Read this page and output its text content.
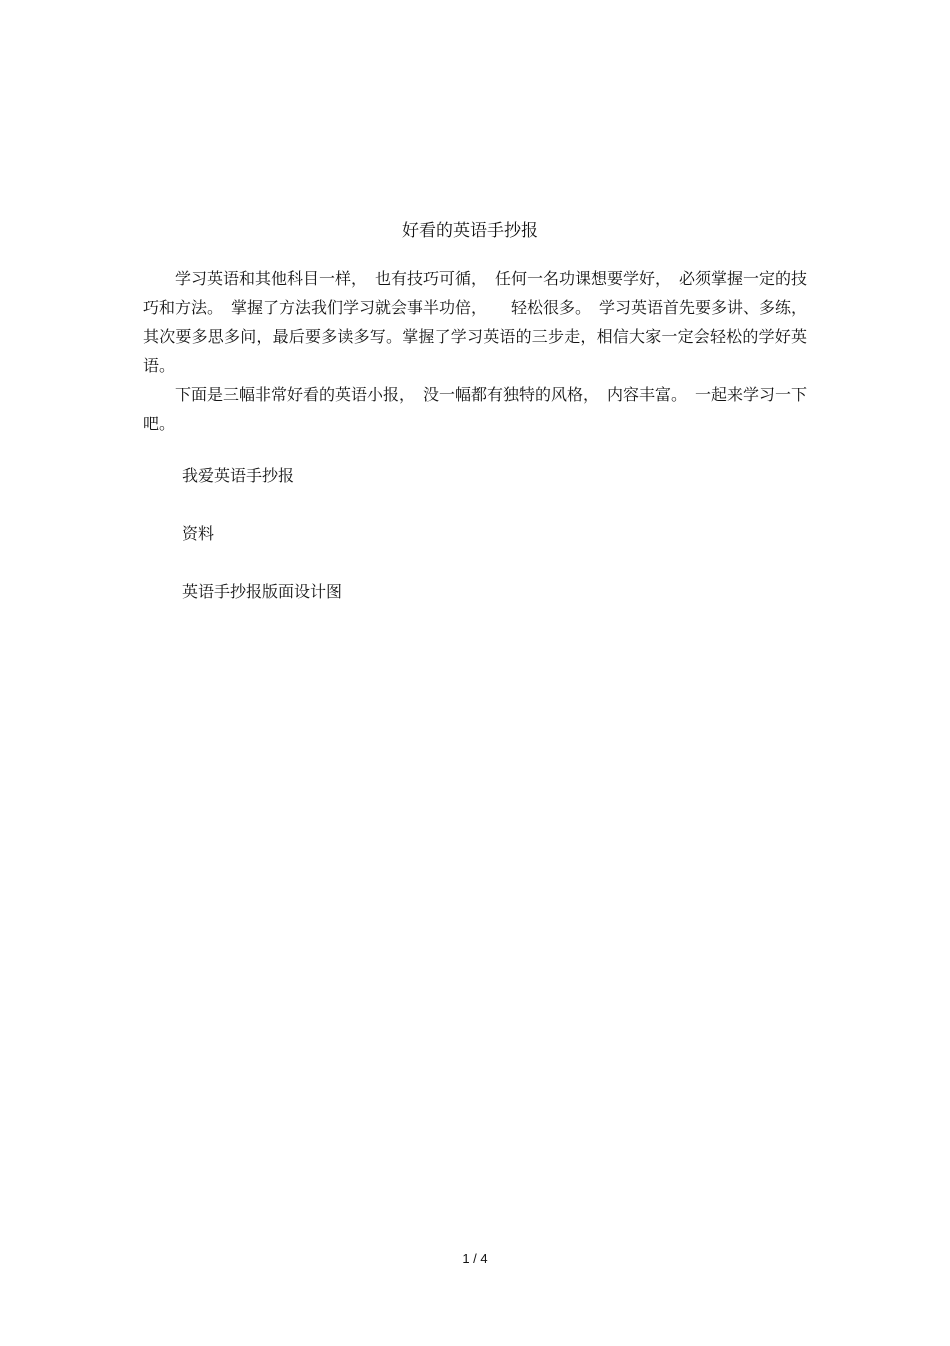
好看的英语手抄报

学习英语和其他科目一样，　也有技巧可循，　任何一名功课想要学好，　必须掌握一定的技巧和方法。　掌握了方法我们学习就会事半功倍，　　轻松很多。　学习英语首先要多讲、多练，其次要多思多问，最后要多读多写。掌握了学习英语的三步走，相信大家一定会轻松的学好英语。

下面是三幅非常好看的英语小报，　没一幅都有独特的风格，　内容丰富。　一起来学习一下吧。

我爱英语手抄报

资料

英语手抄报版面设计图

1 / 4
